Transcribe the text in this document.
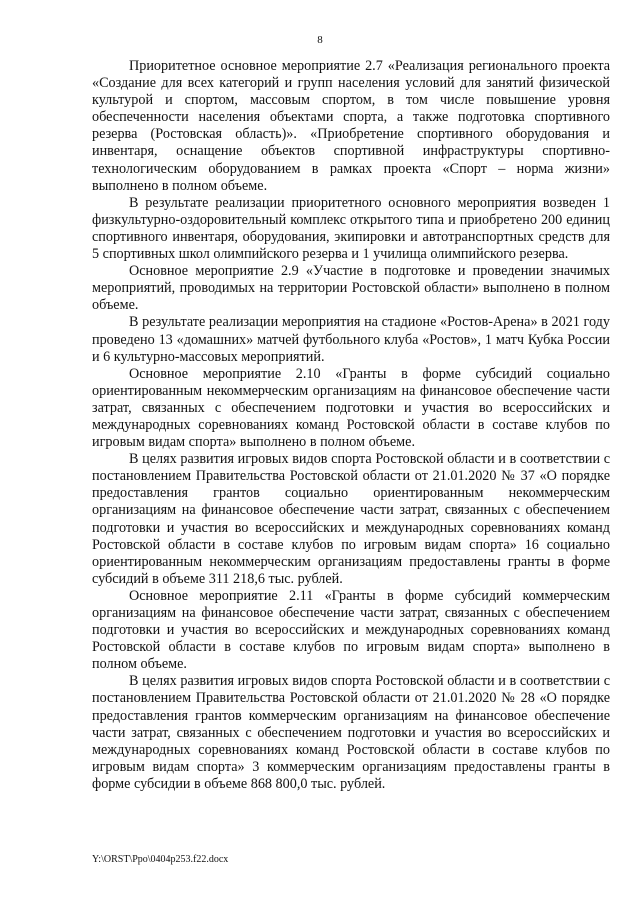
8

Приоритетное основное мероприятие 2.7 «Реализация регионального проекта «Создание для всех категорий и групп населения условий для занятий физической культурой и спортом, массовым спортом, в том числе повышение уровня обеспеченности населения объектами спорта, а также подготовка спортивного резерва (Ростовская область)». «Приобретение спортивного оборудования и инвентаря, оснащение объектов спортивной инфраструктуры спортивно-технологическим оборудованием в рамках проекта «Спорт – норма жизни» выполнено в полном объеме.

В результате реализации приоритетного основного мероприятия возведен 1 физкультурно-оздоровительный комплекс открытого типа и приобретено 200 единиц спортивного инвентаря, оборудования, экипировки и автотранспортных средств для 5 спортивных школ олимпийского резерва и 1 училища олимпийского резерва.

Основное мероприятие 2.9 «Участие в подготовке и проведении значимых мероприятий, проводимых на территории Ростовской области» выполнено в полном объеме.

В результате реализации мероприятия на стадионе «Ростов-Арена» в 2021 году проведено 13 «домашних» матчей футбольного клуба «Ростов», 1 матч Кубка России и 6 культурно-массовых мероприятий.

Основное мероприятие 2.10 «Гранты в форме субсидий социально ориентированным некоммерческим организациям на финансовое обеспечение части затрат, связанных с обеспечением подготовки и участия во всероссийских и международных соревнованиях команд Ростовской области в составе клубов по игровым видам спорта» выполнено в полном объеме.

В целях развития игровых видов спорта Ростовской области и в соответствии с постановлением Правительства Ростовской области от 21.01.2020 № 37 «О порядке предоставления грантов социально ориентированным некоммерческим организациям на финансовое обеспечение части затрат, связанных с обеспечением подготовки и участия во всероссийских и международных соревнованиях команд Ростовской области в составе клубов по игровым видам спорта» 16 социально ориентированным некоммерческим организациям предоставлены гранты в форме субсидий в объеме 311 218,6 тыс. рублей.

Основное мероприятие 2.11 «Гранты в форме субсидий коммерческим организациям на финансовое обеспечение части затрат, связанных с обеспечением подготовки и участия во всероссийских и международных соревнованиях команд Ростовской области в составе клубов по игровым видам спорта» выполнено в полном объеме.

В целях развития игровых видов спорта Ростовской области и в соответствии с постановлением Правительства Ростовской области от 21.01.2020 № 28 «О порядке предоставления грантов коммерческим организациям на финансовое обеспечение части затрат, связанных с обеспечением подготовки и участия во всероссийских и международных соревнованиях команд Ростовской области в составе клубов по игровым видам спорта» 3 коммерческим организациям предоставлены гранты в форме субсидии в объеме 868 800,0 тыс. рублей.

Y:\ORST\Ppo\0404p253.f22.docx
